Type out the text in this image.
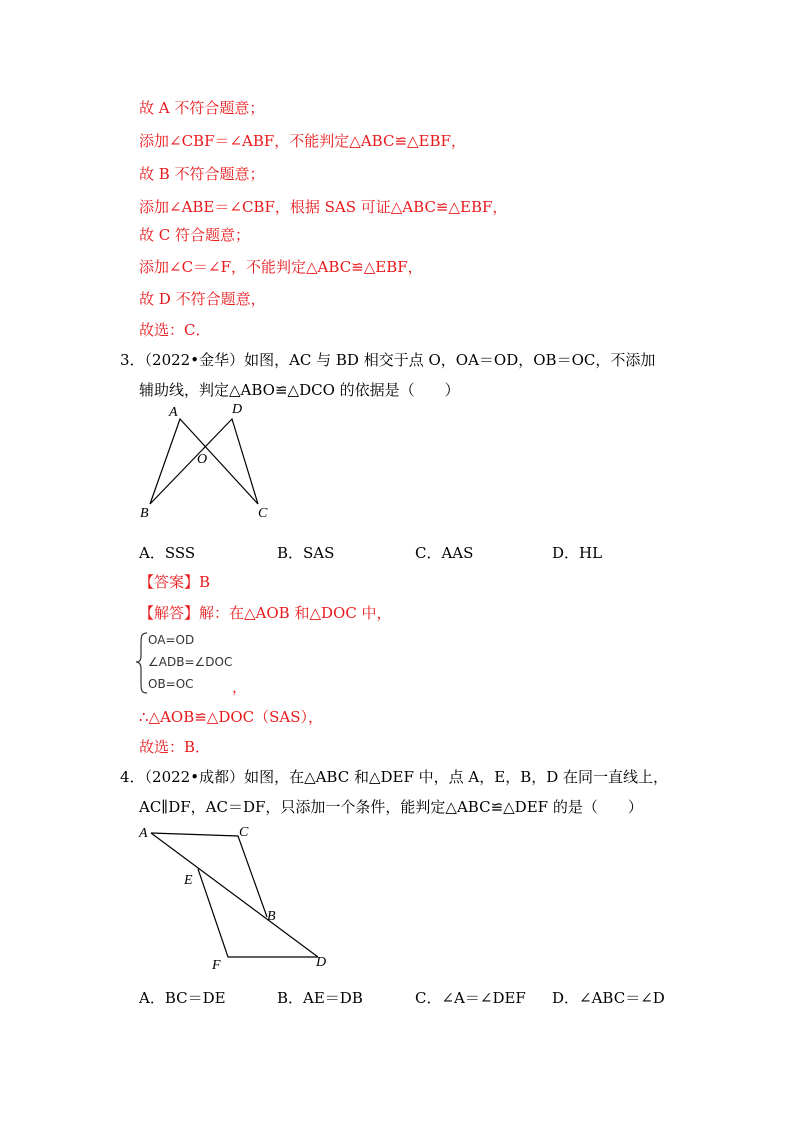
故 A 不符合题意；
添加∠CBF＝∠ABF，不能判定△ABC≌△EBF，
故 B 不符合题意；
添加∠ABE＝∠CBF，根据 SAS 可证△ABC≌△EBF，
故 C 符合题意；
添加∠C＝∠F，不能判定△ABC≌△EBF，
故 D 不符合题意，
故选：C．
3．（2022•金华）如图，AC 与 BD 相交于点 O，OA＝OD，OB＝OC，不添加
辅助线，判定△ABO≌△DCO 的依据是（　　）
A	D
O
B	C
A．SSS	B．SAS	C．AAS	D．HL
【答案】B
【解答】解：在△AOB 和△DOC 中，
OA=OD
∠ADB=∠DOC
OB=OC	，
∴△AOB≌△DOC（SAS），
故选：B．
4．（2022•成都）如图，在△ABC 和△DEF 中，点 A，E，B，D 在同一直线上，
AC∥DF，AC＝DF，只添加一个条件，能判定△ABC≌△DEF 的是（　　）
A	C
E
B
F	D
A．BC＝DE	B．AE＝DB	C．∠A＝∠DEF D．∠ABC＝∠D
